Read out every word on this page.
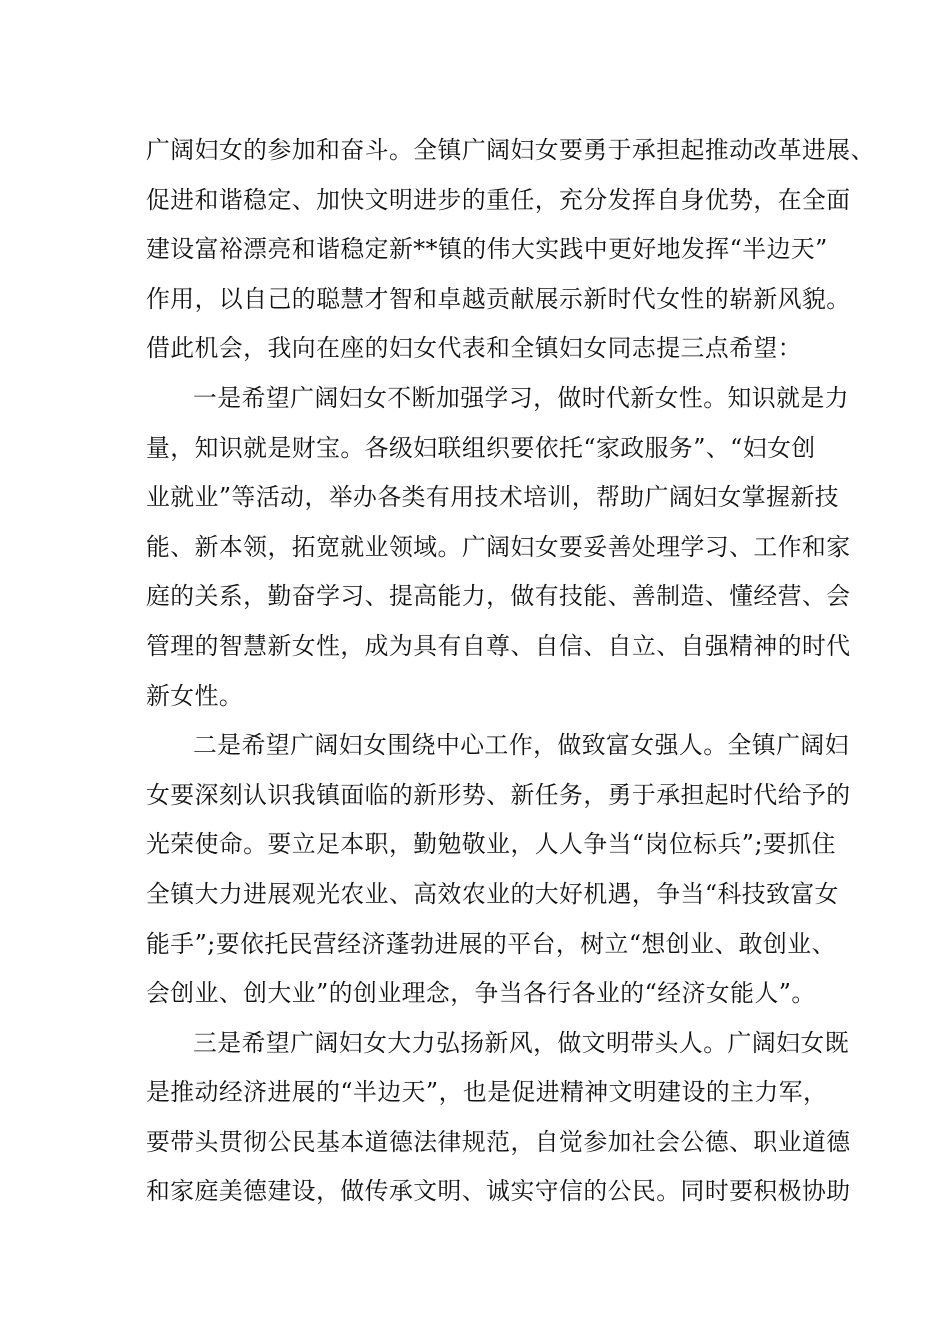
广阔妇女的参加和奋斗。全镇广阔妇女要勇于承担起推动改革进展、
促进和谐稳定、加快文明进步的重任，充分发挥自身优势，在全面
建设富裕漂亮和谐稳定新**镇的伟大实践中更好地发挥“半边天”
作用，以自己的聪慧才智和卓越贡献展示新时代女性的崭新风貌。
借此机会，我向在座的妇女代表和全镇妇女同志提三点希望：
一是希望广阔妇女不断加强学习，做时代新女性。知识就是力
量，知识就是财宝。各级妇联组织要依托“家政服务”、“妇女创
业就业”等活动，举办各类有用技术培训，帮助广阔妇女掌握新技
能、新本领，拓宽就业领域。广阔妇女要妥善处理学习、工作和家
庭的关系，勤奋学习、提高能力，做有技能、善制造、懂经营、会
管理的智慧新女性，成为具有自尊、自信、自立、自强精神的时代
新女性。
二是希望广阔妇女围绕中心工作，做致富女强人。全镇广阔妇
女要深刻认识我镇面临的新形势、新任务，勇于承担起时代给予的
光荣使命。要立足本职，勤勉敬业，人人争当“岗位标兵”;要抓住
全镇大力进展观光农业、高效农业的大好机遇，争当“科技致富女
能手”;要依托民营经济蓬勃进展的平台，树立“想创业、敢创业、
会创业、创大业”的创业理念，争当各行各业的“经济女能人”。
三是希望广阔妇女大力弘扬新风，做文明带头人。广阔妇女既
是推动经济进展的“半边天”，也是促进精神文明建设的主力军，
要带头贯彻公民基本道德法律规范，自觉参加社会公德、职业道德
和家庭美德建设，做传承文明、诚实守信的公民。同时要积极协助
